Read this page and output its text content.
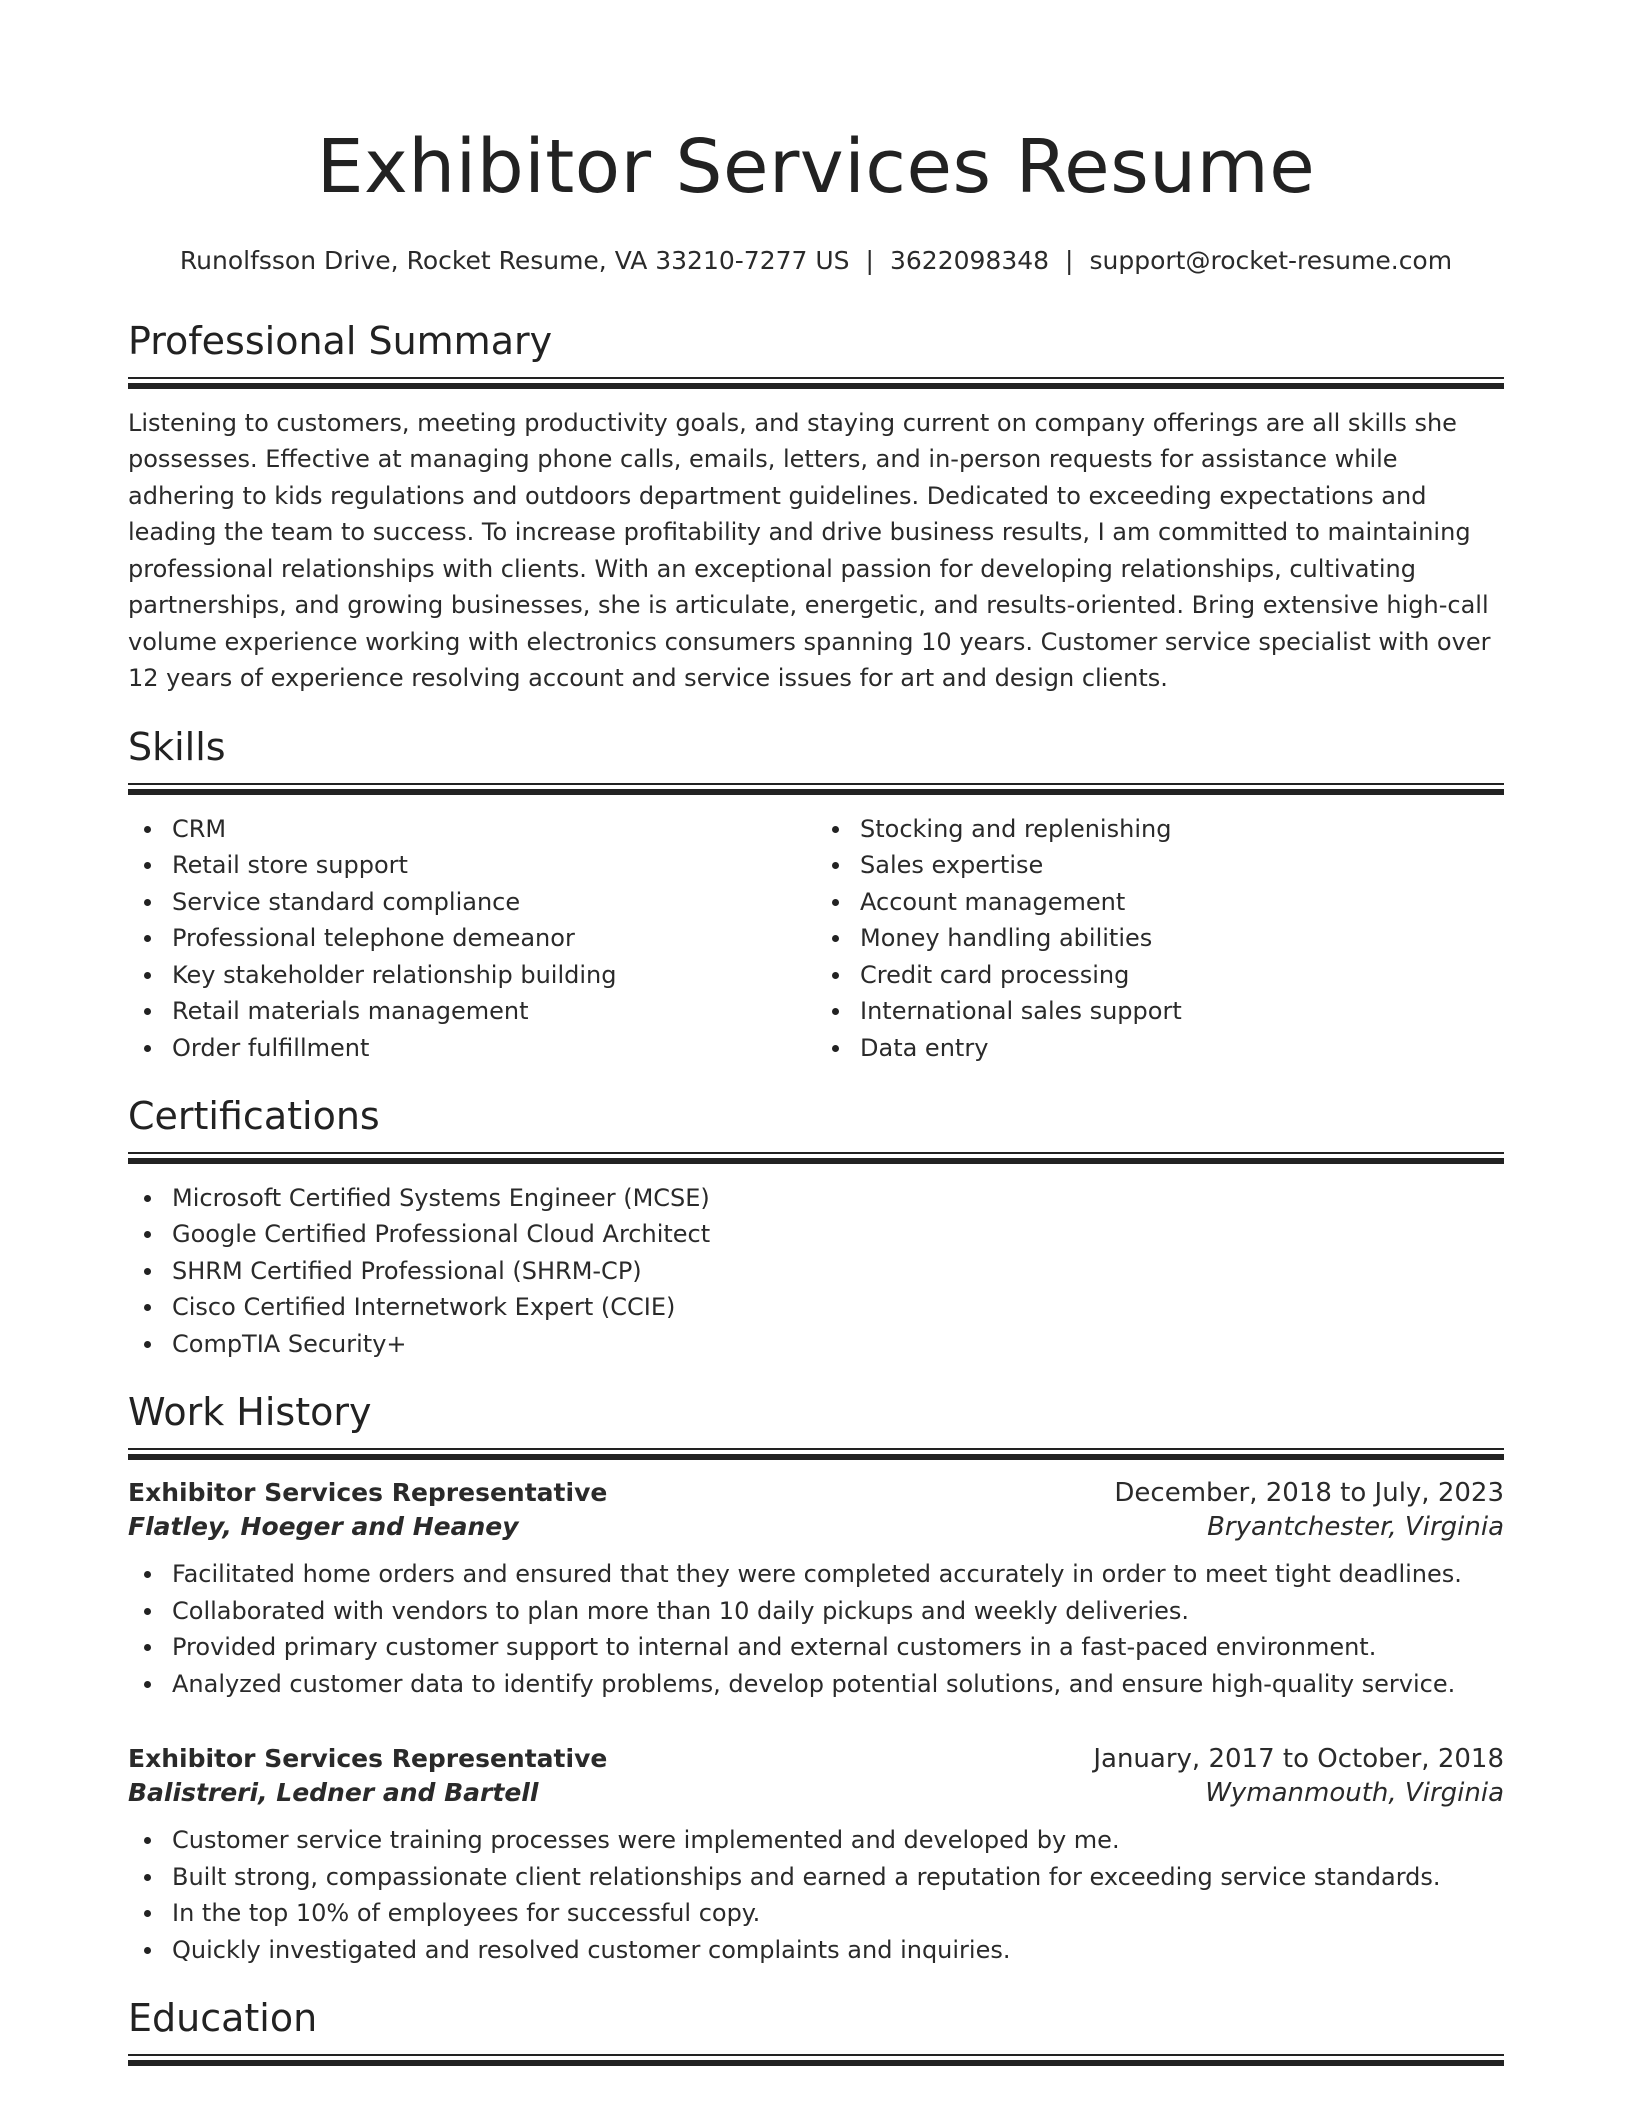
Exhibitor Services Resume
Runolfsson Drive, Rocket Resume, VA 33210-7277 US | 3622098348 | support@rocket-resume.com
Professional Summary
Listening to customers, meeting productivity goals, and staying current on company offerings are all skills she possesses. Effective at managing phone calls, emails, letters, and in-person requests for assistance while adhering to kids regulations and outdoors department guidelines. Dedicated to exceeding expectations and leading the team to success. To increase profitability and drive business results, I am committed to maintaining professional relationships with clients. With an exceptional passion for developing relationships, cultivating partnerships, and growing businesses, she is articulate, energetic, and results-oriented. Bring extensive high-call volume experience working with electronics consumers spanning 10 years. Customer service specialist with over 12 years of experience resolving account and service issues for art and design clients.
Skills
CRM
Retail store support
Service standard compliance
Professional telephone demeanor
Key stakeholder relationship building
Retail materials management
Order fulfillment
Stocking and replenishing
Sales expertise
Account management
Money handling abilities
Credit card processing
International sales support
Data entry
Certifications
Microsoft Certified Systems Engineer (MCSE)
Google Certified Professional Cloud Architect
SHRM Certified Professional (SHRM-CP)
Cisco Certified Internetwork Expert (CCIE)
CompTIA Security+
Work History
Exhibitor Services Representative	December, 2018 to July, 2023
Flatley, Hoeger and Heaney	Bryantchester, Virginia
Facilitated home orders and ensured that they were completed accurately in order to meet tight deadlines.
Collaborated with vendors to plan more than 10 daily pickups and weekly deliveries.
Provided primary customer support to internal and external customers in a fast-paced environment.
Analyzed customer data to identify problems, develop potential solutions, and ensure high-quality service.
Exhibitor Services Representative	January, 2017 to October, 2018
Balistreri, Ledner and Bartell	Wymanmouth, Virginia
Customer service training processes were implemented and developed by me.
Built strong, compassionate client relationships and earned a reputation for exceeding service standards.
In the top 10% of employees for successful copy.
Quickly investigated and resolved customer complaints and inquiries.
Education
